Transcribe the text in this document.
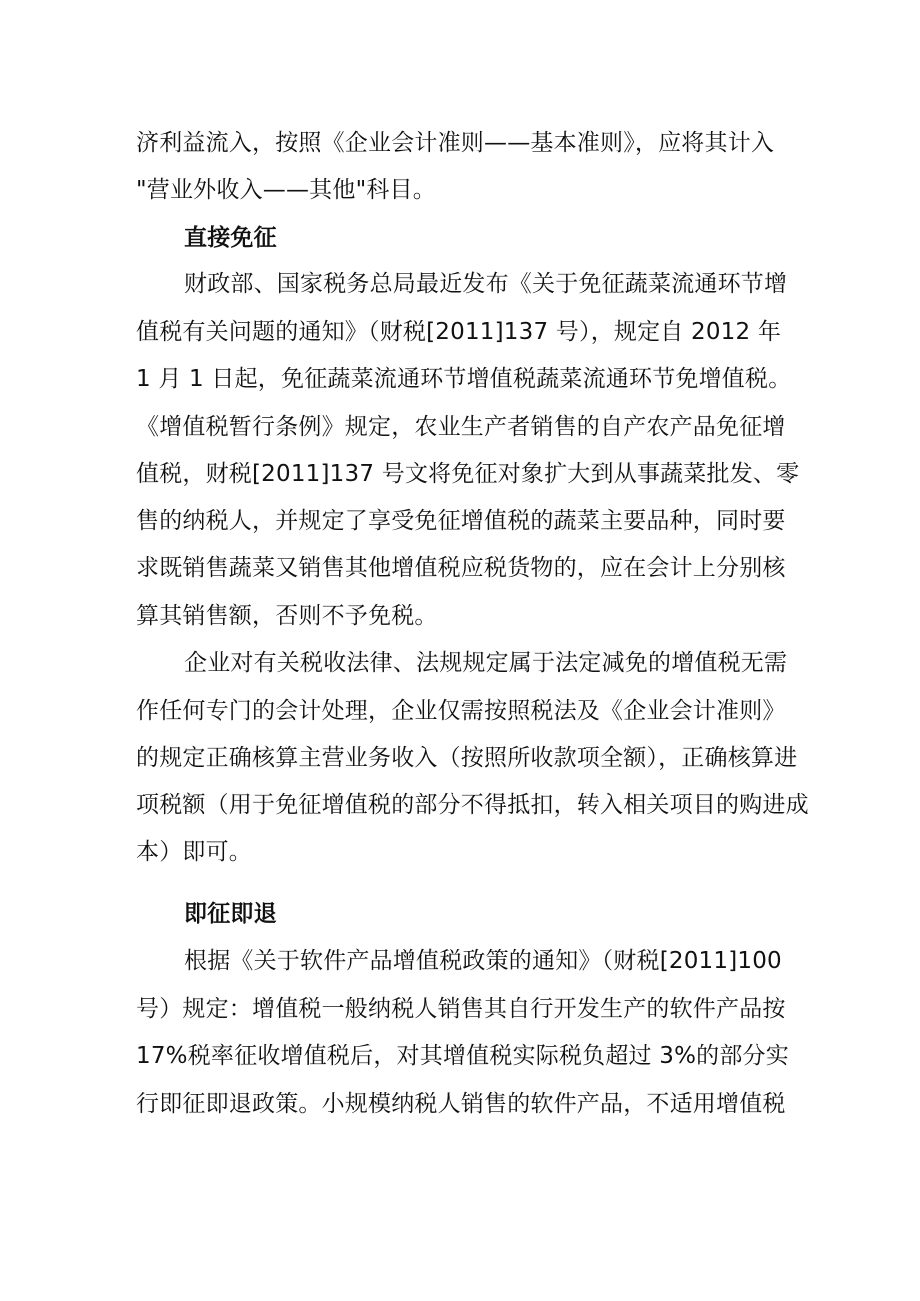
济利益流入，按照《企业会计准则——基本准则》，应将其计入
"营业外收入——其他"科目。
直接免征
财政部、国家税务总局最近发布《关于免征蔬菜流通环节增
值税有关问题的通知》（财税[2011]137 号），规定自 2012 年
1 月 1 日起，免征蔬菜流通环节增值税蔬菜流通环节免增值税。
《增值税暂行条例》规定，农业生产者销售的自产农产品免征增
值税，财税[2011]137 号文将免征对象扩大到从事蔬菜批发、零
售的纳税人，并规定了享受免征增值税的蔬菜主要品种，同时要
求既销售蔬菜又销售其他增值税应税货物的，应在会计上分别核
算其销售额，否则不予免税。
企业对有关税收法律、法规规定属于法定减免的增值税无需
作任何专门的会计处理，企业仅需按照税法及《企业会计准则》
的规定正确核算主营业务收入（按照所收款项全额），正确核算进
项税额（用于免征增值税的部分不得抵扣，转入相关项目的购进成
本）即可。
即征即退
根据《关于软件产品增值税政策的通知》（财税[2011]100
号）规定：增值税一般纳税人销售其自行开发生产的软件产品按
17%税率征收增值税后，对其增值税实际税负超过 3%的部分实
行即征即退政策。小规模纳税人销售的软件产品，不适用增值税
